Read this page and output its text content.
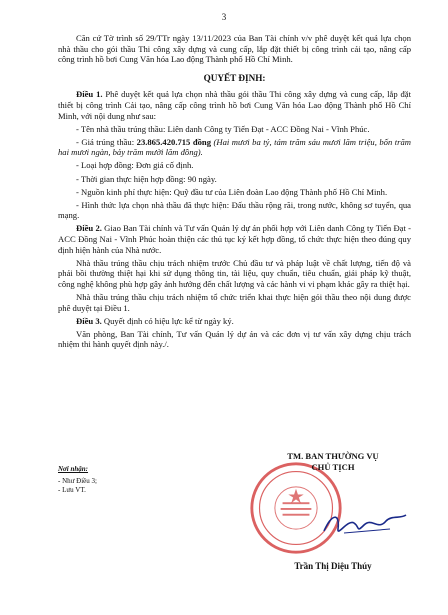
3

Căn cứ Tờ trình số 29/TTr ngày 13/11/2023 của Ban Tài chính v/v phê duyệt kết quả lựa chọn nhà thầu cho gói thầu Thi công xây dựng và cung cấp, lắp đặt thiết bị công trình cải tạo, nâng cấp công trình hồ bơi Cung Văn hóa Lao động Thành phố Hồ Chí Minh.

QUYẾT ĐỊNH:

Điều 1. Phê duyệt kết quả lựa chọn nhà thầu gói thầu Thi công xây dựng và cung cấp, lắp đặt thiết bị công trình Cải tạo, nâng cấp công trình hồ bơi Cung Văn hóa Lao động Thành phố Hồ Chí Minh, với nội dung như sau:

- Tên nhà thầu trúng thầu: Liên danh Công ty Tiến Đạt - ACC Đồng Nai - Vĩnh Phúc.

- Giá trúng thầu: 23.865.420.715 đồng (Hai mươi ba tỷ, tám trăm sáu mươi lăm triệu, bốn trăm hai mươi ngàn, bảy trăm mười lăm đồng).

- Loại hợp đồng: Đơn giá cố định.

- Thời gian thực hiện hợp đồng: 90 ngày.

- Nguồn kinh phí thực hiện: Quỹ đầu tư của Liên đoàn Lao động Thành phố Hồ Chí Minh.

- Hình thức lựa chọn nhà thầu đã thực hiện: Đấu thầu rộng rãi, trong nước, không sơ tuyển, qua mạng.

Điều 2. Giao Ban Tài chính và Tư vấn Quản lý dự án phối hợp với Liên danh Công ty Tiến Đạt - ACC Đồng Nai - Vĩnh Phúc hoàn thiện các thủ tục ký kết hợp đồng, tổ chức thực hiện theo đúng quy định hiện hành của Nhà nước.

Nhà thầu trúng thầu chịu trách nhiệm trước Chủ đầu tư và pháp luật về chất lượng, tiến độ và phải bồi thường thiệt hại khi sử dụng thông tin, tài liệu, quy chuẩn, tiêu chuẩn, giải pháp kỹ thuật, công nghệ không phù hợp gây ảnh hưởng đến chất lượng và các hành vi vi phạm khác gây ra thiệt hại.

Nhà thầu trúng thầu chịu trách nhiệm tổ chức triển khai thực hiện gói thầu theo nội dung được phê duyệt tại Điều 1.

Điều 3. Quyết định có hiệu lực kể từ ngày ký.

Văn phòng, Ban Tài chính, Tư vấn Quản lý dự án và các đơn vị tư vấn xây dựng chịu trách nhiệm thi hành quyết định này./.

Nơi nhận:
- Như Điều 3;
- Lưu VT.
TM. BAN THƯỜNG VỤ
CHỦ TỊCH
Trần Thị Diệu Thúy
